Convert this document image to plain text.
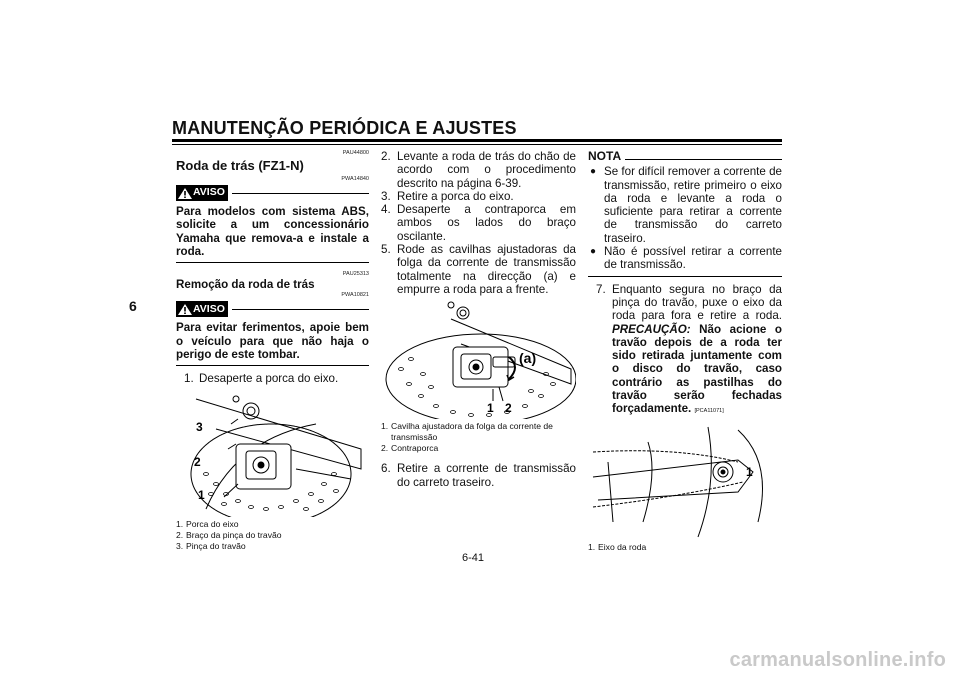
MANUTENÇÃO PERIÓDICA E AJUSTES
6
PAU44800
Roda de trás (FZ1-N)
PWA14840
AVISO
Para modelos com sistema ABS, solicite a um concessionário Yamaha que remova-a e instale a roda.
PAU25313
Remoção da roda de trás
PWA10821
AVISO
Para evitar ferimentos, apoie bem o veículo para que não haja o perigo de este tombar.
1. Desaperte a porca do eixo.
3
2
1
1. Porca do eixo
2. Braço da pinça do travão
3. Pinça do travão
2. Levante a roda de trás do chão de acordo com o procedimento descrito na página 6-39.
3. Retire a porca do eixo.
4. Desaperte a contraporca em ambos os lados do braço oscilante.
5. Rode as cavilhas ajustadoras da folga da corrente de transmissão totalmente na direcção (a) e empurre a roda para a frente.
(a)
1 2
1. Cavilha ajustadora da folga da corrente de transmissão
2. Contraporca
6. Retire a corrente de transmissão do carreto traseiro.
NOTA
● Se for difícil remover a corrente de transmissão, retire primeiro o eixo da roda e levante a roda o suficiente para retirar a corrente de transmissão do carreto traseiro.
● Não é possível retirar a corrente de transmissão.
7. Enquanto segura no braço da pinça do travão, puxe o eixo da roda para fora e retire a roda. PRECAUÇÃO: Não acione o travão depois de a roda ter sido retirada juntamente com o disco do travão, caso contrário as pastilhas do travão serão fechadas forçadamente. [PCA11071]
1
1. Eixo da roda
6-41
carmanualsonline.info
